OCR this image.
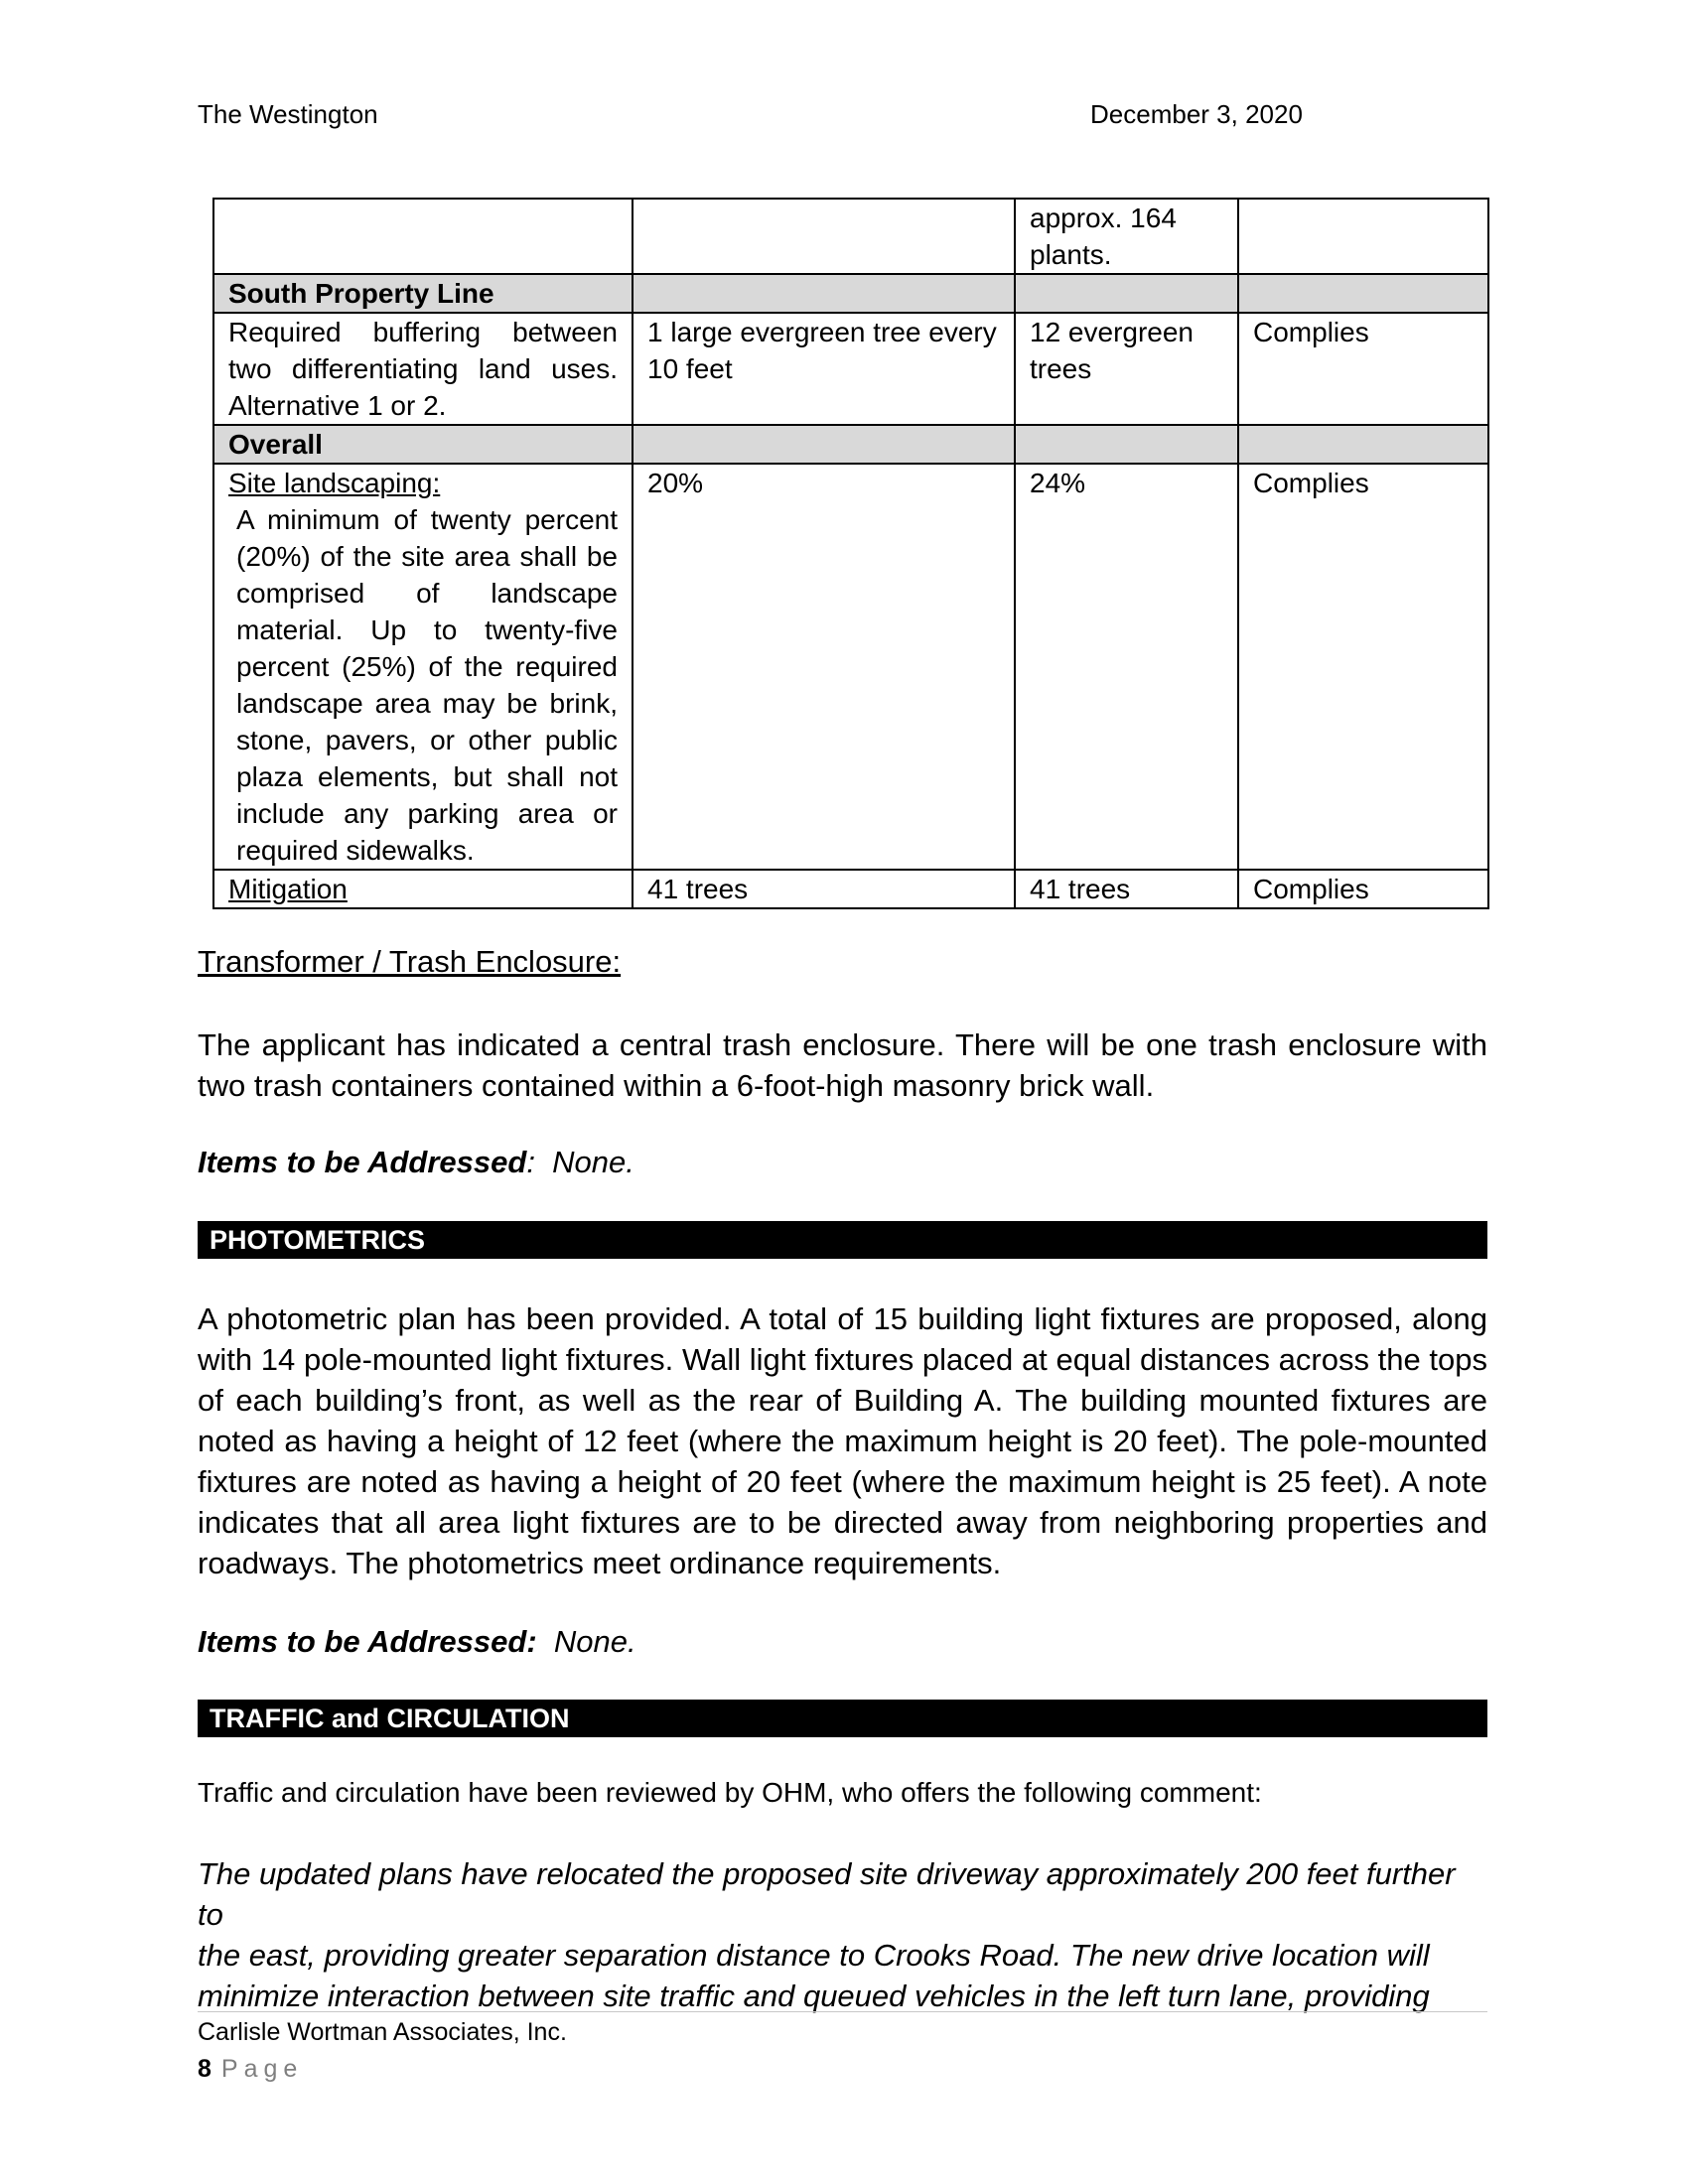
The Westington	December 3, 2020
		approx. 164 plants.	
South Property Line			
Required buffering between two differentiating land uses. Alternative 1 or 2.	1 large evergreen tree every 10 feet	12 evergreen trees	Complies
Overall			

Site landscaping:
A minimum of twenty percent (20%) of the site area shall be comprised of landscape material. Up to twenty-five percent (25%) of the required landscape area may be brink, stone, pavers, or other public plaza elements, but shall not include any parking area or required sidewalks.	20%	24%	Complies
Mitigation	41 trees	41 trees	Complies
Transformer / Trash Enclosure:
The applicant has indicated a central trash enclosure. There will be one trash enclosure with two trash containers contained within a 6-foot-high masonry brick wall.
Items to be Addressed:  None.
PHOTOMETRICS
A photometric plan has been provided. A total of 15 building light fixtures are proposed, along with 14 pole-mounted light fixtures. Wall light fixtures placed at equal distances across the tops of each building’s front, as well as the rear of Building A. The building mounted fixtures are noted as having a height of 12 feet (where the maximum height is 20 feet). The pole-mounted fixtures are noted as having a height of 20 feet (where the maximum height is 25 feet). A note indicates that all area light fixtures are to be directed away from neighboring properties and roadways. The photometrics meet ordinance requirements.
Items to be Addressed: None.
TRAFFIC and CIRCULATION
Traffic and circulation have been reviewed by OHM, who offers the following comment:
The updated plans have relocated the proposed site driveway approximately 200 feet further to
the east, providing greater separation distance to Crooks Road. The new drive location will
minimize interaction between site traffic and queued vehicles in the left turn lane, providing
Carlisle Wortman Associates, Inc.
8 Page
